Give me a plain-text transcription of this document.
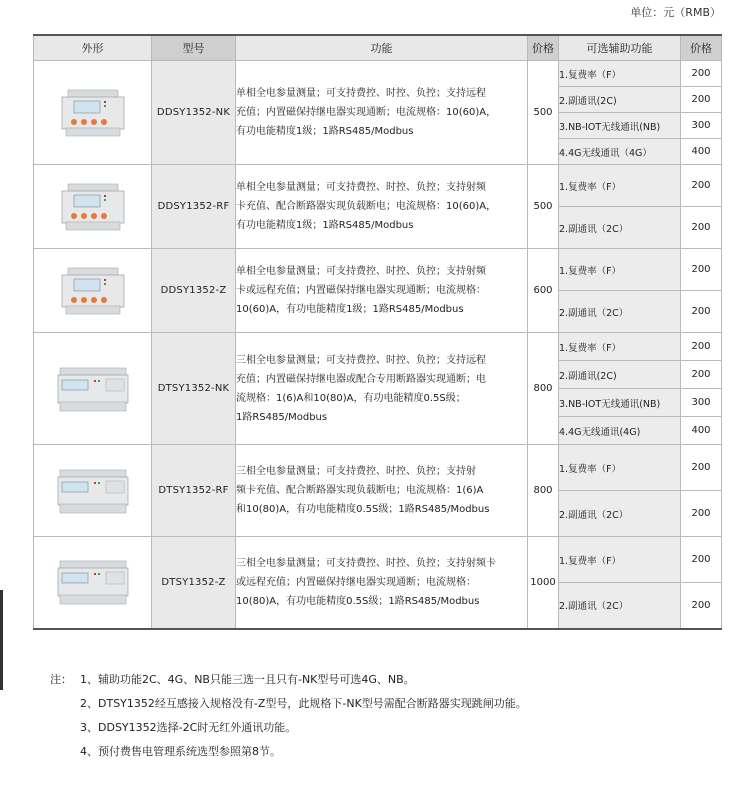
单位：元（RMB）
外形	型号	功能	价格	可选辅助功能	价格

	DDSY1352-NK	单相全电参量测量；可支持费控、时控、负控；支持远程
充值；内置磁保持继电器实现通断；电流规格：10(60)A，
有功电能精度1级；1路RS485/Modbus	500	1.复费率（F）	200
				2.副通讯(2C)	200
				3.NB-IOT无线通讯(NB)	300
				4.4G无线通讯（4G）	400

	DDSY1352-RF	单相全电参量测量；可支持费控、时控、负控；支持射频
卡充值、配合断路器实现负载断电；电流规格：10(60)A，
有功电能精度1级；1路RS485/Modbus	500	1.复费率（F）	200
				2.副通讯（2C）	200

	DDSY1352-Z	单相全电参量测量；可支持费控、时控、负控；支持射频
卡或远程充值；内置磁保持继电器实现通断；电流规格：
10(60)A，有功电能精度1级；1路RS485/Modbus	600	1.复费率（F）	200
				2.副通讯（2C）	200

	DTSY1352-NK	三相全电参量测量；可支持费控、时控、负控；支持远程
充值；内置磁保持继电器或配合专用断路器实现通断；电
流规格：1(6)A和10(80)A，有功电能精度0.5S级；
1路RS485/Modbus	800	1.复费率（F）	200
				2.副通讯(2C)	200
				3.NB-IOT无线通讯(NB)	300
				4.4G无线通讯(4G)	400

	DTSY1352-RF	三相全电参量测量；可支持费控、时控、负控；支持射
频卡充值、配合断路器实现负载断电；电流规格：1(6)A
和10(80)A，有功电能精度0.5S级；1路RS485/Modbus	800	1.复费率（F）	200
				2.副通讯（2C）	200

	DTSY1352-Z	三相全电参量测量；可支持费控、时控、负控；支持射频卡
或远程充值；内置磁保持继电器实现通断；电流规格：
10(80)A，有功电能精度0.5S级；1路RS485/Modbus	1000	1.复费率（F）	200
				2.副通讯（2C）	200
注： 1、辅助功能2C、4G、NB只能三选一且只有-NK型号可选4G、NB。
2、DTSY1352经互感接入规格没有-Z型号，此规格下-NK型号需配合断路器实现跳闸功能。
3、DDSY1352选择-2C时无红外通讯功能。
4、预付费售电管理系统选型参照第8节。
